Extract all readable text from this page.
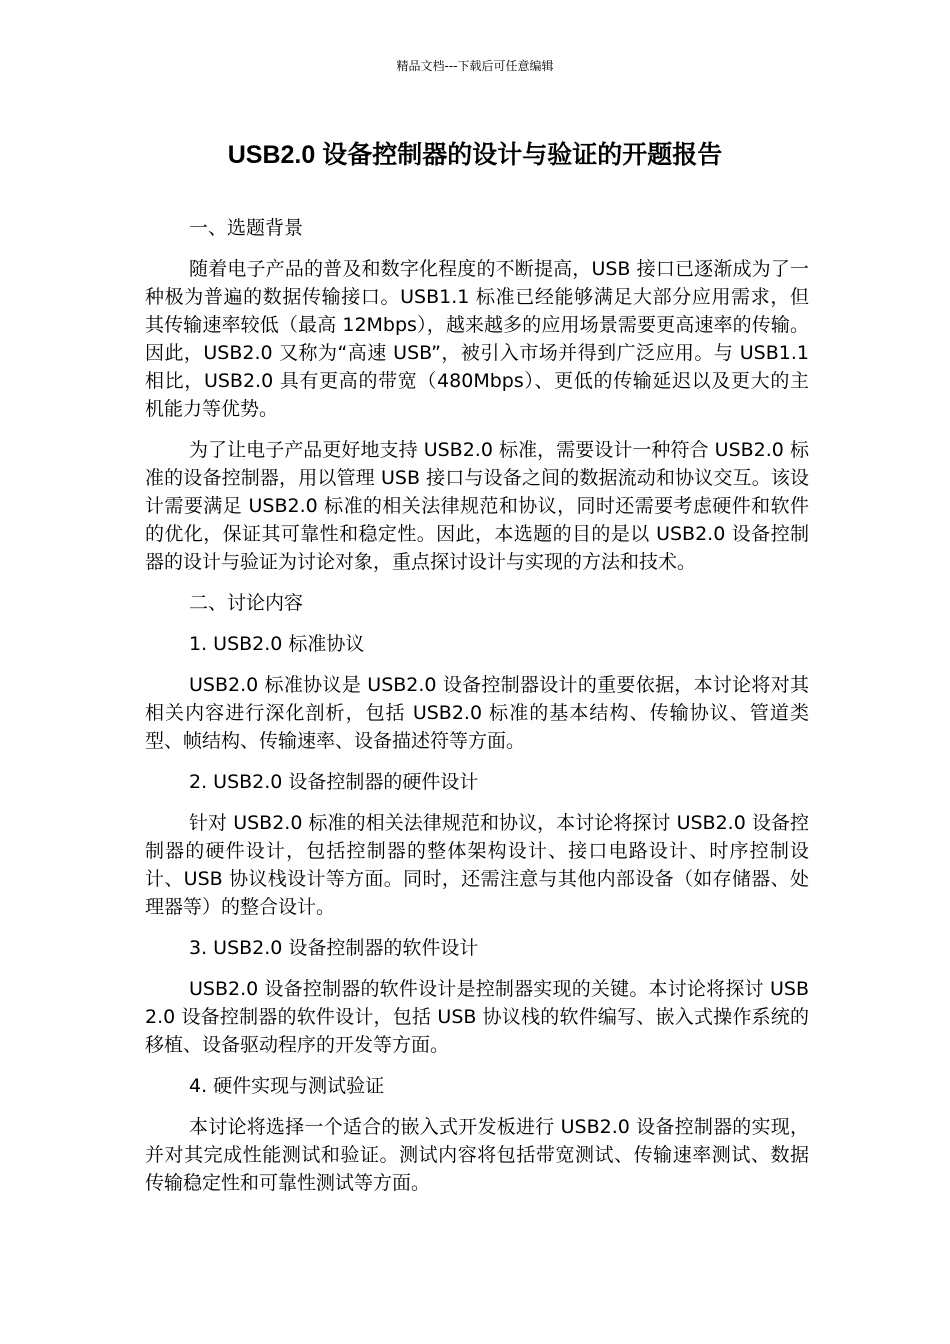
精品文档---下载后可任意编辑
USB2.0 设备控制器的设计与验证的开题报告

一、选题背景

随着电子产品的普及和数字化程度的不断提高，USB 接口已逐渐成为了一种极为普遍的数据传输接口。USB1.1 标准已经能够满足大部分应用需求，但其传输速率较低（最高 12Mbps），越来越多的应用场景需要更高速率的传输。因此，USB2.0 又称为“高速 USB”，被引入市场并得到广泛应用。与 USB1.1 相比，USB2.0 具有更高的带宽（480Mbps）、更低的传输延迟以及更大的主机能力等优势。

为了让电子产品更好地支持 USB2.0 标准，需要设计一种符合 USB2.0 标准的设备控制器，用以管理 USB 接口与设备之间的数据流动和协议交互。该设计需要满足 USB2.0 标准的相关法律规范和协议，同时还需要考虑硬件和软件的优化，保证其可靠性和稳定性。因此，本选题的目的是以 USB2.0 设备控制器的设计与验证为讨论对象，重点探讨设计与实现的方法和技术。

二、讨论内容

1. USB2.0 标准协议

USB2.0 标准协议是 USB2.0 设备控制器设计的重要依据，本讨论将对其相关内容进行深化剖析，包括 USB2.0 标准的基本结构、传输协议、管道类型、帧结构、传输速率、设备描述符等方面。

2. USB2.0 设备控制器的硬件设计

针对 USB2.0 标准的相关法律规范和协议，本讨论将探讨 USB2.0 设备控制器的硬件设计，包括控制器的整体架构设计、接口电路设计、时序控制设计、USB 协议栈设计等方面。同时，还需注意与其他内部设备（如存储器、处理器等）的整合设计。

3. USB2.0 设备控制器的软件设计

USB2.0 设备控制器的软件设计是控制器实现的关键。本讨论将探讨 USB2.0 设备控制器的软件设计，包括 USB 协议栈的软件编写、嵌入式操作系统的移植、设备驱动程序的开发等方面。

4. 硬件实现与测试验证

本讨论将选择一个适合的嵌入式开发板进行 USB2.0 设备控制器的实现，并对其完成性能测试和验证。测试内容将包括带宽测试、传输速率测试、数据传输稳定性和可靠性测试等方面。
